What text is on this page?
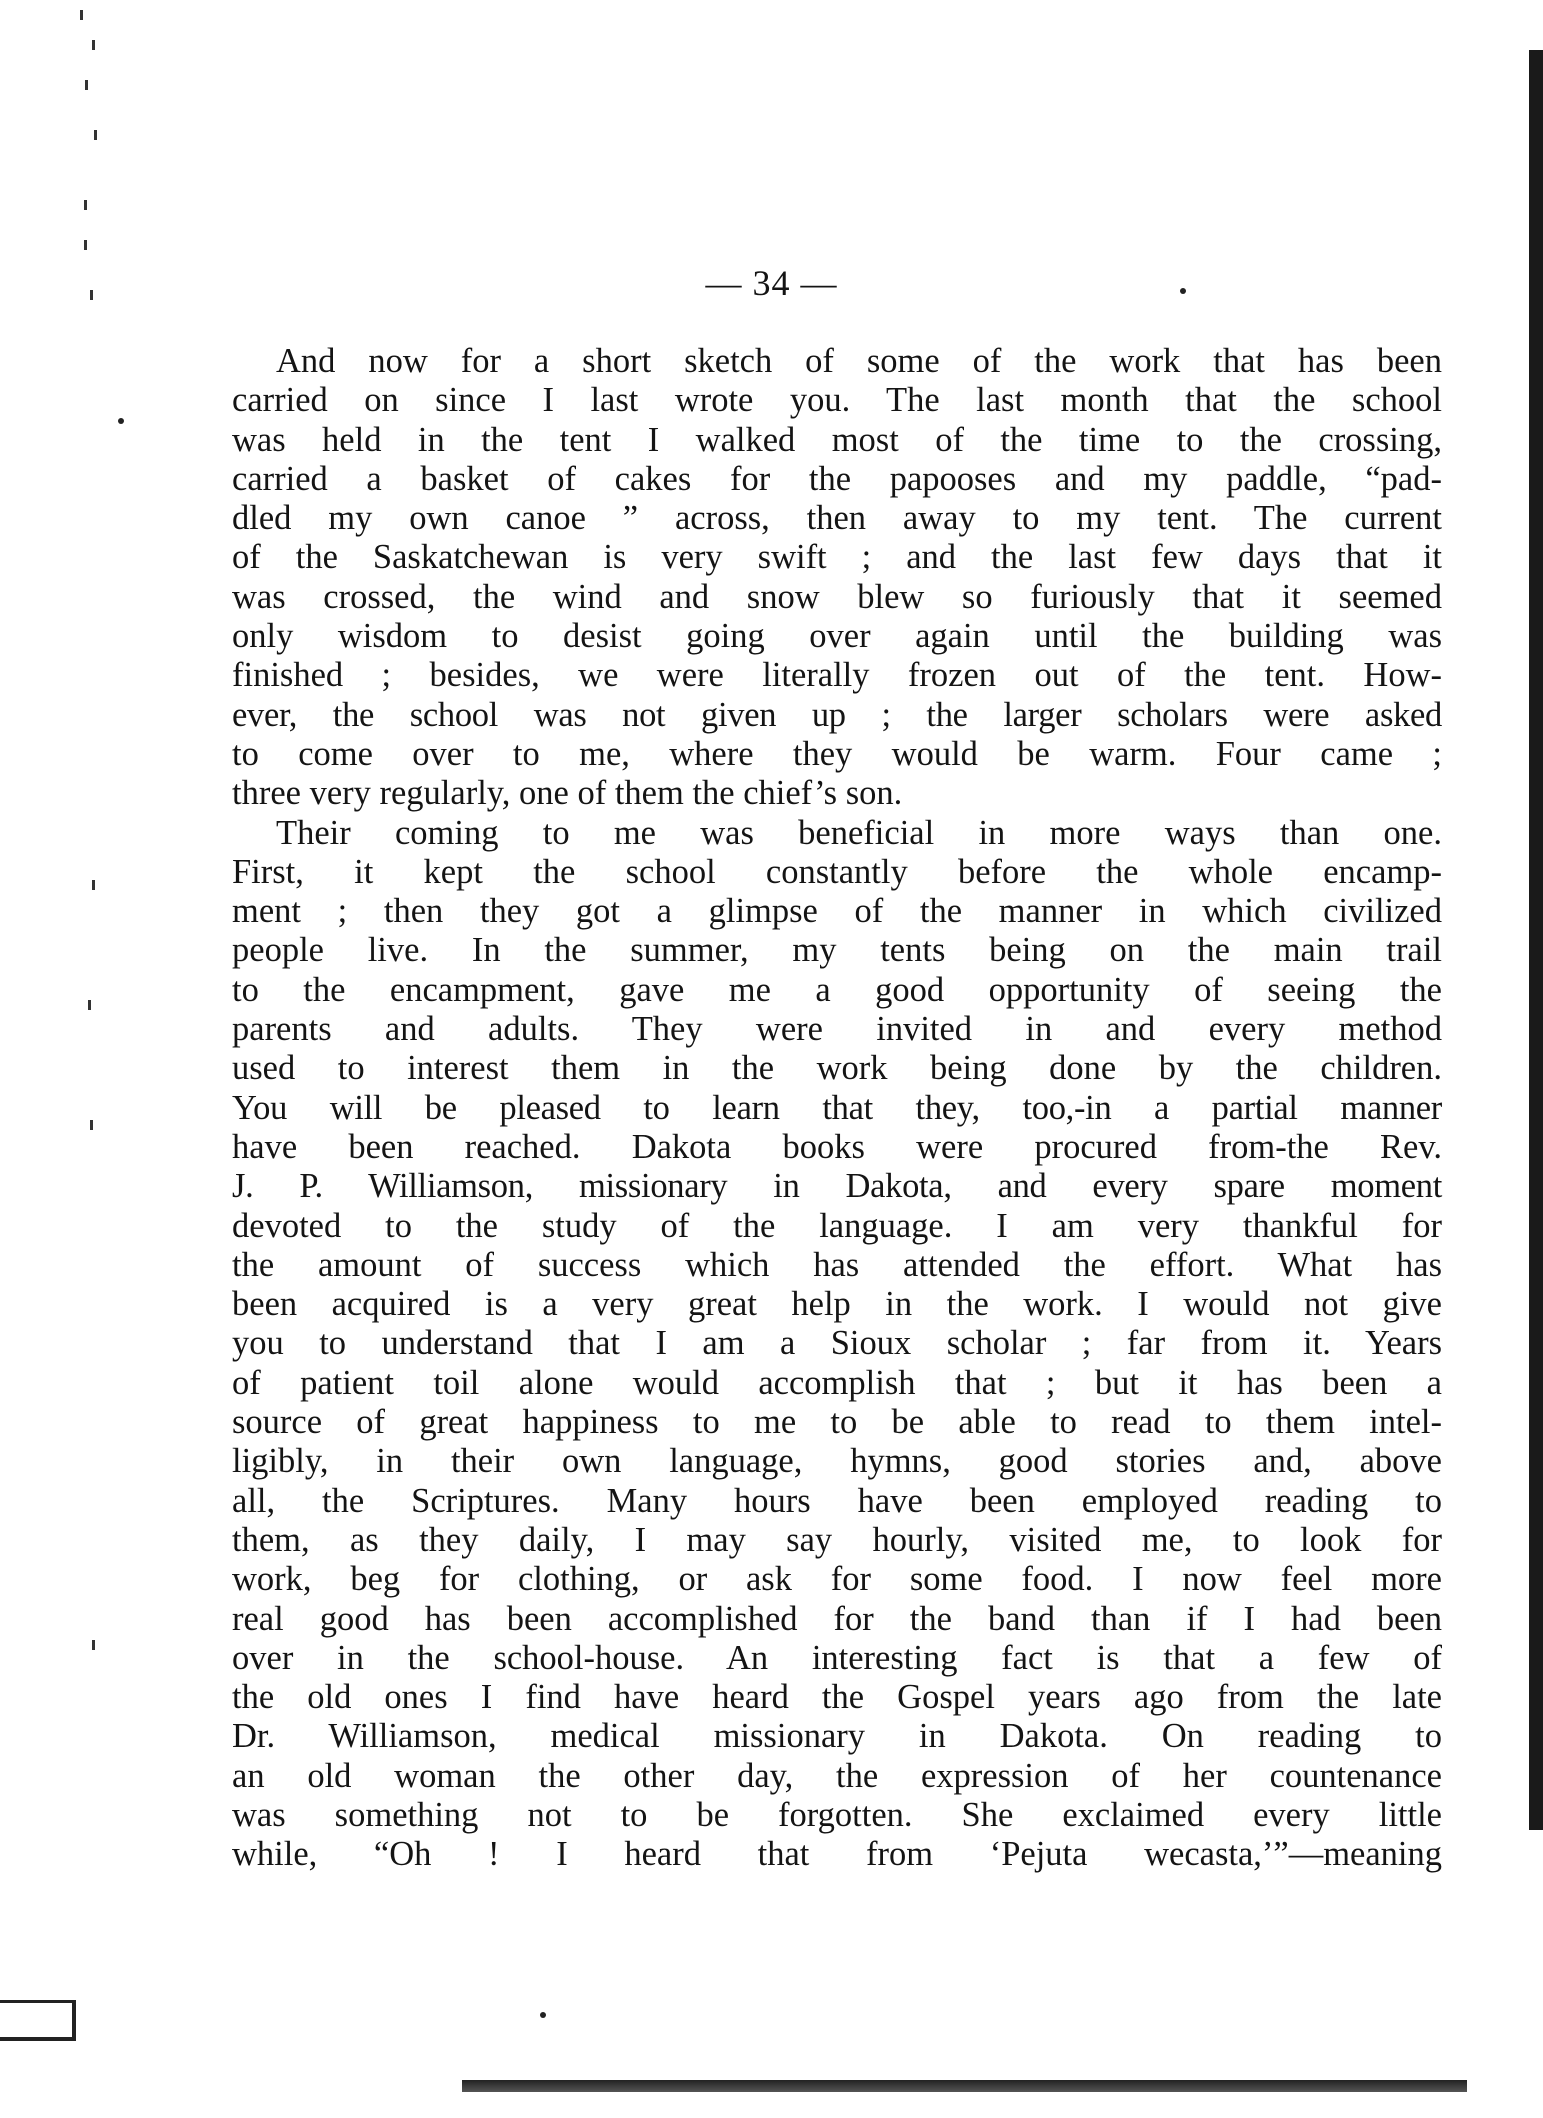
— 34 —
And now for a short sketch of some of the work that has been
carried on since I last wrote you. The last month that the school
was held in the tent I walked most of the time to the crossing,
carried a basket of cakes for the papooses and my paddle, “pad-
dled my own canoe ” across, then away to my tent. The current
of the Saskatchewan is very swift ; and the last few days that it
was crossed, the wind and snow blew so furiously that it seemed
only wisdom to desist going over again until the building was
finished ; besides, we were literally frozen out of the tent. How-
ever, the school was not given up ; the larger scholars were asked
to come over to me, where they would be warm. Four came ;
three very regularly, one of them the chief’s son.
Their coming to me was beneficial in more ways than one.
First, it kept the school constantly before the whole encamp-
ment ; then they got a glimpse of the manner in which civilized
people live. In the summer, my tents being on the main trail
to the encampment, gave me a good opportunity of seeing the
parents and adults. They were invited in and every method
used to interest them in the work being done by the children.
You will be pleased to learn that they, too,-in a partial manner
have been reached. Dakota books were procured from-the Rev.
J. P. Williamson, missionary in Dakota, and every spare moment
devoted to the study of the language. I am very thankful for
the amount of success which has attended the effort. What has
been acquired is a very great help in the work. I would not give
you to understand that I am a Sioux scholar ; far from it. Years
of patient toil alone would accomplish that ; but it has been a
source of great happiness to me to be able to read to them intel-
ligibly, in their own language, hymns, good stories and, above
all, the Scriptures. Many hours have been employed reading to
them, as they daily, I may say hourly, visited me, to look for
work, beg for clothing, or ask for some food. I now feel more
real good has been accomplished for the band than if I had been
over in the school-house. An interesting fact is that a few of
the old ones I find have heard the Gospel years ago from the late
Dr. Williamson, medical missionary in Dakota. On reading to
an old woman the other day, the expression of her countenance
was something not to be forgotten. She exclaimed every little
while, “Oh ! I heard that from ‘Pejuta wecasta,’”—meaning
